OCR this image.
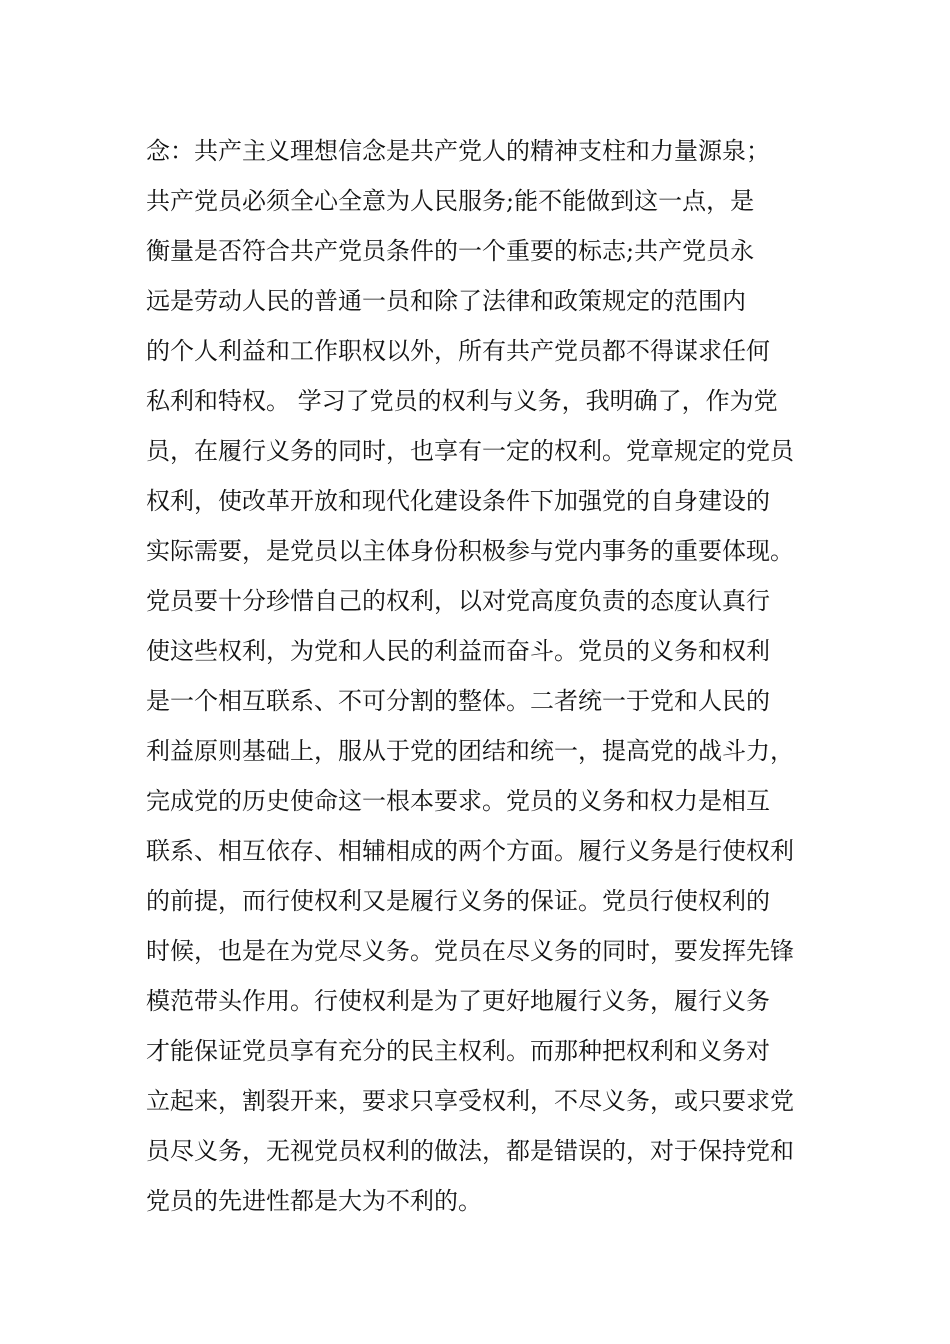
念：共产主义理想信念是共产党人的精神支柱和力量源泉；
共产党员必须全心全意为人民服务;能不能做到这一点，是
衡量是否符合共产党员条件的一个重要的标志;共产党员永
远是劳动人民的普通一员和除了法律和政策规定的范围内
的个人利益和工作职权以外，所有共产党员都不得谋求任何
私利和特权。 学习了党员的权利与义务，我明确了，作为党
员，在履行义务的同时，也享有一定的权利。党章规定的党员
权利，使改革开放和现代化建设条件下加强党的自身建设的
实际需要，是党员以主体身份积极参与党内事务的重要体现。
党员要十分珍惜自己的权利，以对党高度负责的态度认真行
使这些权利，为党和人民的利益而奋斗。党员的义务和权利
是一个相互联系、不可分割的整体。二者统一于党和人民的
利益原则基础上，服从于党的团结和统一，提高党的战斗力，
完成党的历史使命这一根本要求。党员的义务和权力是相互
联系、相互依存、相辅相成的两个方面。履行义务是行使权利
的前提，而行使权利又是履行义务的保证。党员行使权利的
时候，也是在为党尽义务。党员在尽义务的同时，要发挥先锋
模范带头作用。行使权利是为了更好地履行义务，履行义务
才能保证党员享有充分的民主权利。而那种把权利和义务对
立起来，割裂开来，要求只享受权利，不尽义务，或只要求党
员尽义务，无视党员权利的做法，都是错误的，对于保持党和
党员的先进性都是大为不利的。
